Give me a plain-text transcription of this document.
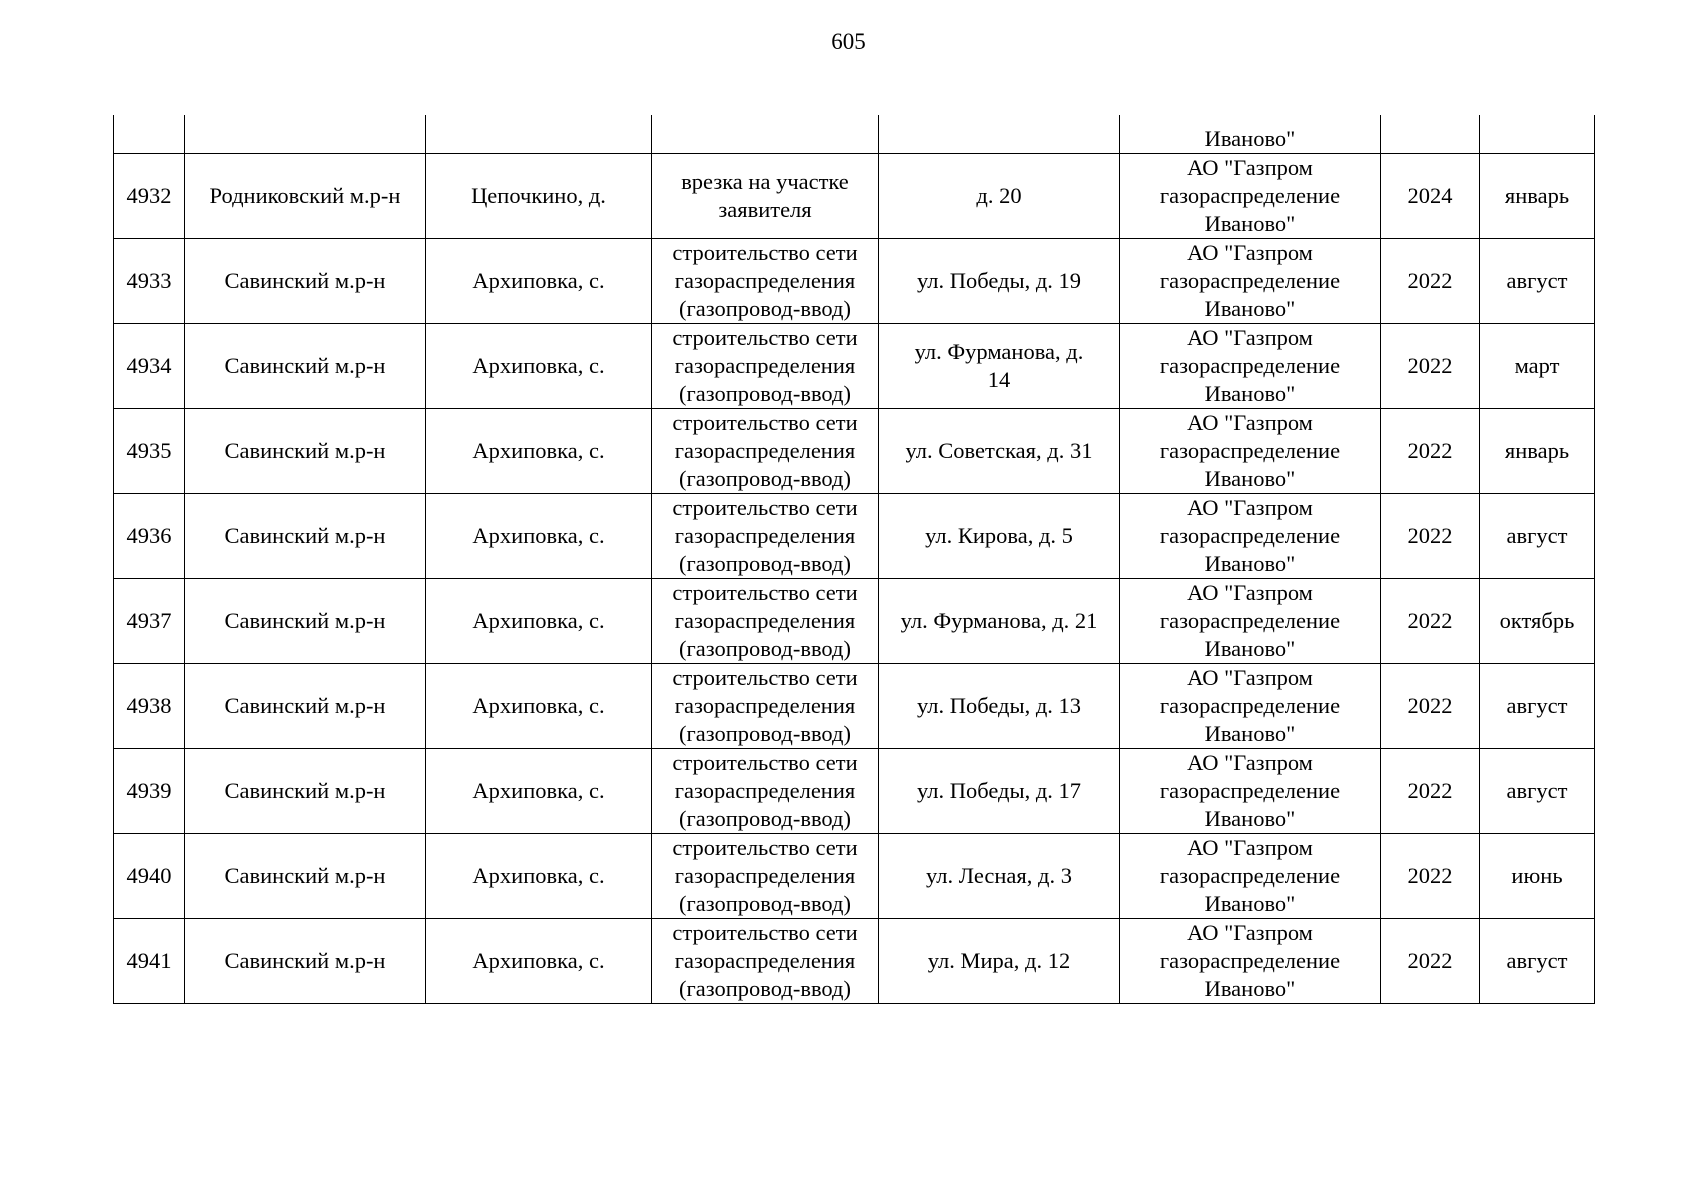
605
					Иваново"		
4932	Родниковский м.р-н	Цепочкино, д.	врезка на участке
заявителя	д. 20	АО "Газпром
газораспределение
Иваново"	2024	январь
4933	Савинский м.р-н	Архиповка, с.	строительство сети
газораспределения
(газопровод-ввод)	ул. Победы, д. 19	АО "Газпром
газораспределение
Иваново"	2022	август
4934	Савинский м.р-н	Архиповка, с.	строительство сети
газораспределения
(газопровод-ввод)	ул. Фурманова, д.
14	АО "Газпром
газораспределение
Иваново"	2022	март
4935	Савинский м.р-н	Архиповка, с.	строительство сети
газораспределения
(газопровод-ввод)	ул. Советская, д. 31	АО "Газпром
газораспределение
Иваново"	2022	январь
4936	Савинский м.р-н	Архиповка, с.	строительство сети
газораспределения
(газопровод-ввод)	ул. Кирова, д. 5	АО "Газпром
газораспределение
Иваново"	2022	август
4937	Савинский м.р-н	Архиповка, с.	строительство сети
газораспределения
(газопровод-ввод)	ул. Фурманова, д. 21	АО "Газпром
газораспределение
Иваново"	2022	октябрь
4938	Савинский м.р-н	Архиповка, с.	строительство сети
газораспределения
(газопровод-ввод)	ул. Победы, д. 13	АО "Газпром
газораспределение
Иваново"	2022	август
4939	Савинский м.р-н	Архиповка, с.	строительство сети
газораспределения
(газопровод-ввод)	ул. Победы, д. 17	АО "Газпром
газораспределение
Иваново"	2022	август
4940	Савинский м.р-н	Архиповка, с.	строительство сети
газораспределения
(газопровод-ввод)	ул. Лесная, д. 3	АО "Газпром
газораспределение
Иваново"	2022	июнь
4941	Савинский м.р-н	Архиповка, с.	строительство сети
газораспределения
(газопровод-ввод)	ул. Мира, д. 12	АО "Газпром
газораспределение
Иваново"	2022	август
